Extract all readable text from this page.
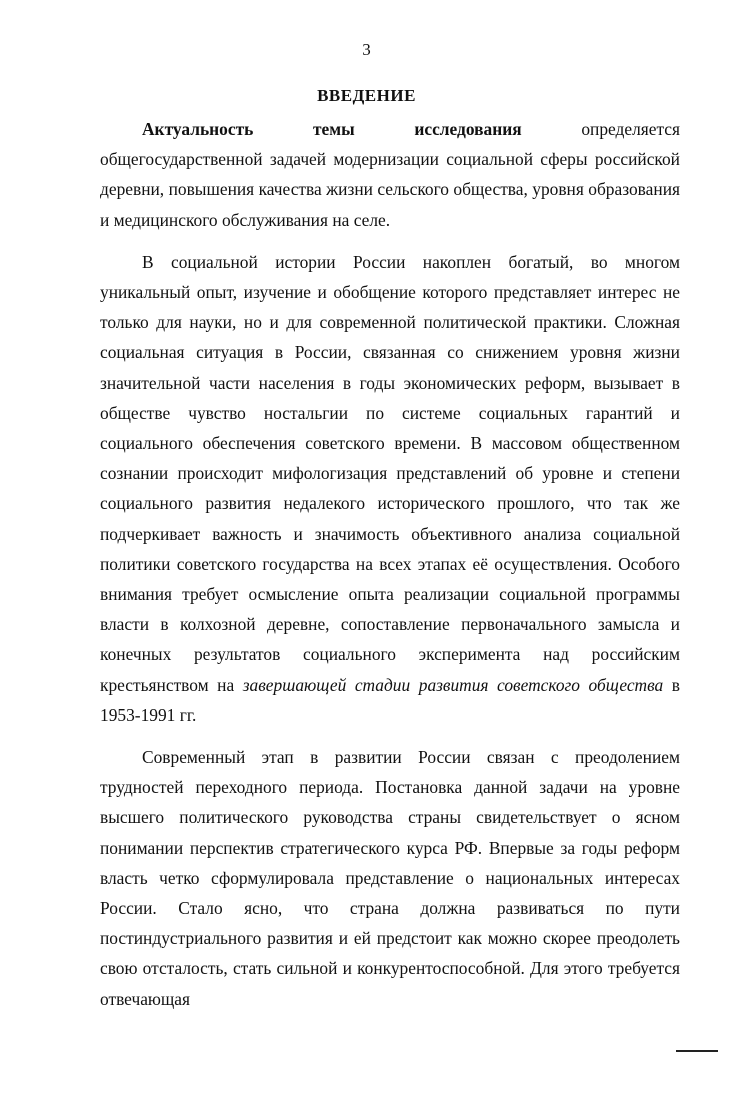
3
ВВЕДЕНИЕ

Актуальность темы исследования определяется общегосударственной задачей модернизации социальной сферы российской деревни, повышения качества жизни сельского общества, уровня образования и медицинского обслуживания на селе.

В социальной истории России накоплен богатый, во многом уникальный опыт, изучение и обобщение которого представляет интерес не только для науки, но и для современной политической практики. Сложная социальная ситуация в России, связанная со снижением уровня жизни значительной части населения в годы экономических реформ, вызывает в обществе чувство ностальгии по системе социальных гарантий и социального обеспечения советского времени. В массовом общественном сознании происходит мифологизация представлений об уровне и степени социального развития недалекого исторического прошлого, что так же подчеркивает важность и значимость объективного анализа социальной политики советского государства на всех этапах её осуществления. Особого внимания требует осмысление опыта реализации социальной программы власти в колхозной деревне, сопоставление первоначального замысла и конечных результатов социального эксперимента над российским крестьянством на завершающей стадии развития советского общества в 1953-1991 гг.

Современный этап в развитии России связан с преодолением трудностей переходного периода. Постановка данной задачи на уровне высшего политического руководства страны свидетельствует о ясном понимании перспектив стратегического курса РФ. Впервые за годы реформ власть четко сформулировала представление о национальных интересах России. Стало ясно, что страна должна развиваться по пути постиндустриального развития и ей предстоит как можно скорее преодолеть свою отсталость, стать сильной и конкурентоспособной. Для этого требуется отвечающая
